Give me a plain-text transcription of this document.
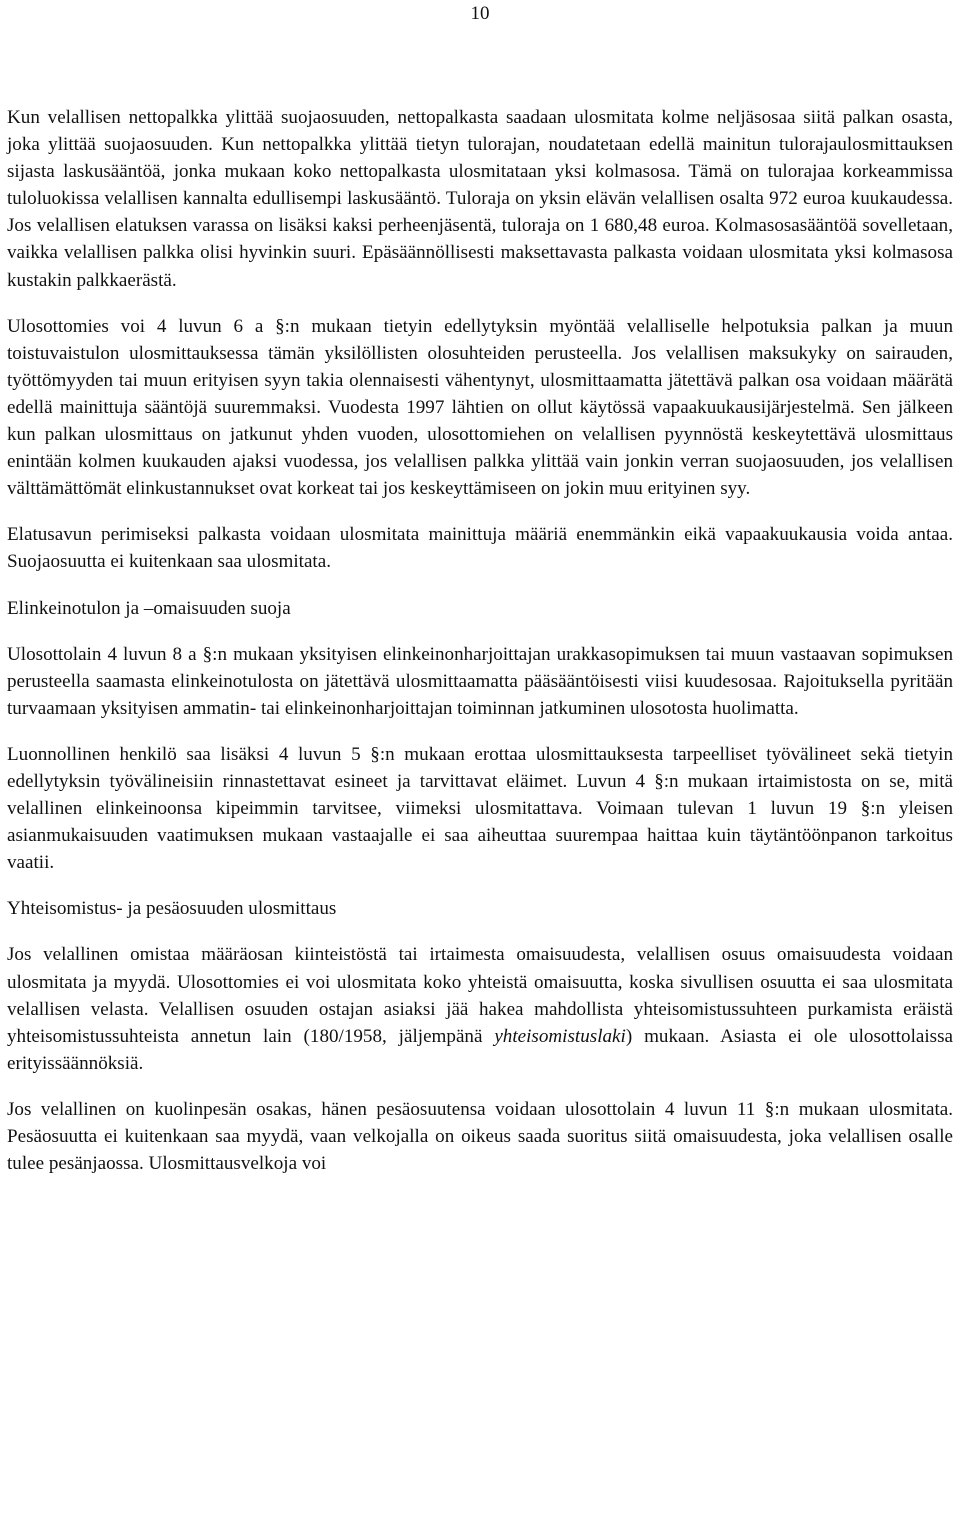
10

Kun velallisen nettopalkka ylittää suojaosuuden, nettopalkasta saadaan ulosmitata kolme neljäsosaa siitä palkan osasta, joka ylittää suojaosuuden. Kun nettopalkka ylittää tietyn tulorajan, noudatetaan edellä mainitun tulorajaulosmittauksen sijasta laskusääntöä, jonka mukaan koko nettopalkasta ulosmitataan yksi kolmasosa. Tämä on tulorajaa korkeammissa tuloluokissa velallisen kannalta edullisempi laskusääntö. Tuloraja on yksin elävän velallisen osalta 972 euroa kuukaudessa. Jos velallisen elatuksen varassa on lisäksi kaksi perheenjäsentä, tuloraja on 1 680,48 euroa. Kolmasosasääntöä sovelletaan, vaikka velallisen palkka olisi hyvinkin suuri. Epäsäännöllisesti maksettavasta palkasta voidaan ulosmitata yksi kolmasosa kustakin palkkaerästä.

Ulosottomies voi 4 luvun 6 a §:n mukaan tietyin edellytyksin myöntää velalliselle helpotuksia palkan ja muun toistuvaistulon ulosmittauksessa tämän yksilöllisten olosuhteiden perusteella. Jos velallisen maksukyky on sairauden, työttömyyden tai muun erityisen syyn takia olennaisesti vähentynyt, ulosmittaamatta jätettävä palkan osa voidaan määrätä edellä mainittuja sääntöjä suuremmaksi. Vuodesta 1997 lähtien on ollut käytössä vapaakuukausijärjestelmä. Sen jälkeen kun palkan ulosmittaus on jatkunut yhden vuoden, ulosottomiehen on velallisen pyynnöstä keskeytettävä ulosmittaus enintään kolmen kuukauden ajaksi vuodessa, jos velallisen palkka ylittää vain jonkin verran suojaosuuden, jos velallisen välttämättömät elinkustannukset ovat korkeat tai jos keskeyttämiseen on jokin muu erityinen syy.

Elatusavun perimiseksi palkasta voidaan ulosmitata mainittuja määriä enemmänkin eikä vapaakuukausia voida antaa. Suojaosuutta ei kuitenkaan saa ulosmitata.

Elinkeinotulon ja –omaisuuden suoja

Ulosottolain 4 luvun 8 a §:n mukaan yksityisen elinkeinonharjoittajan urakkasopimuksen tai muun vastaavan sopimuksen perusteella saamasta elinkeinotulosta on jätettävä ulosmittaamatta pääsääntöisesti viisi kuudesosaa. Rajoituksella pyritään turvaamaan yksityisen ammatin- tai elinkeinonharjoittajan toiminnan jatkuminen ulosotosta huolimatta.

Luonnollinen henkilö saa lisäksi 4 luvun 5 §:n mukaan erottaa ulosmittauksesta tarpeelliset työvälineet sekä tietyin edellytyksin työvälineisiin rinnastettavat esineet ja tarvittavat eläimet. Luvun 4 §:n mukaan irtaimistosta on se, mitä velallinen elinkeinoonsa kipeimmin tarvitsee, viimeksi ulosmitattava. Voimaan tulevan 1 luvun 19 §:n yleisen asianmukaisuuden vaatimuksen mukaan vastaajalle ei saa aiheuttaa suurempaa haittaa kuin täytäntöönpanon tarkoitus vaatii.

Yhteisomistus- ja pesäosuuden ulosmittaus

Jos velallinen omistaa määräosan kiinteistöstä tai irtaimesta omaisuudesta, velallisen osuus omaisuudesta voidaan ulosmitata ja myydä. Ulosottomies ei voi ulosmitata koko yhteistä omaisuutta, koska sivullisen osuutta ei saa ulosmitata velallisen velasta. Velallisen osuuden ostajan asiaksi jää hakea mahdollista yhteisomistussuhteen purkamista eräistä yhteisomistussuhteista annetun lain (180/1958, jäljempänä yhteisomistuslaki) mukaan. Asiasta ei ole ulosottolaissa erityissäännöksiä.

Jos velallinen on kuolinpesän osakas, hänen pesäosuutensa voidaan ulosottolain 4 luvun 11 §:n mukaan ulosmitata. Pesäosuutta ei kuitenkaan saa myydä, vaan velkojalla on oikeus saada suoritus siitä omaisuudesta, joka velallisen osalle tulee pesänjaossa. Ulosmittausvelkoja voi
